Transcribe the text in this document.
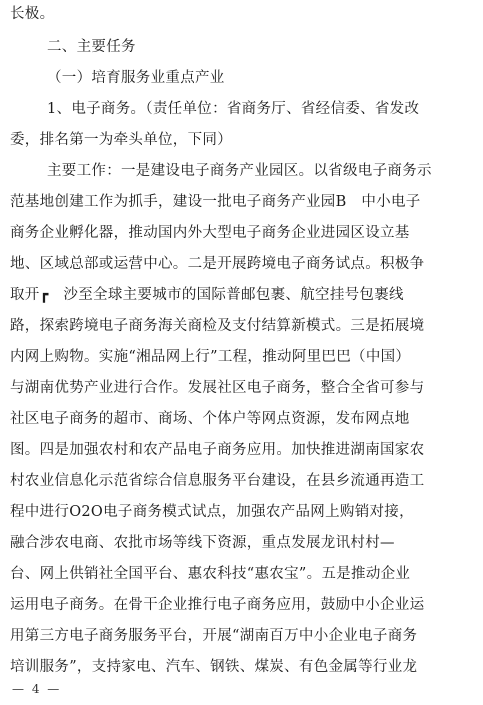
长极。
二、主要任务
（一）培育服务业重点产业
1、电子商务。（责任单位：省商务厅、省经信委、省发改
委，排名第一为牵头单位，下同）
主要工作：一是建设电子商务产业园区。以省级电子商务示
范基地创建工作为抓手，建设一批电子商务产业园B　中小电子
商务企业孵化器，推动国内外大型电子商务企业进园区设立基
地、区域总部或运营中心。二是开展跨境电子商务试点。积极争
取开┏　沙至全球主要城市的国际普邮包裹、航空挂号包裹线
路，探索跨境电子商务海关商检及支付结算新模式。三是拓展境
内网上购物。实施“湘品网上行”工程，推动阿里巴巴（中国）
与湖南优势产业进行合作。发展社区电子商务，整合全省可参与
社区电子商务的超市、商场、个体户等网点资源，发布网点地
图。四是加强农村和农产品电子商务应用。加快推进湖南国家农
村农业信息化示范省综合信息服务平台建设，在县乡流通再造工
程中进行O2O电子商务模式试点，加强农产品网上购销对接，
融合涉农电商、农批市场等线下资源，重点发展龙讯村村—
台、网上供销社全国平台、惠农科技“惠农宝”。五是推动企业
运用电子商务。在骨干企业推行电子商务应用，鼓励中小企业运
用第三方电子商务服务平台，开展“湖南百万中小企业电子商务
培训服务”，支持家电、汽车、钢铁、煤炭、有色金属等行业龙
— 4 —
